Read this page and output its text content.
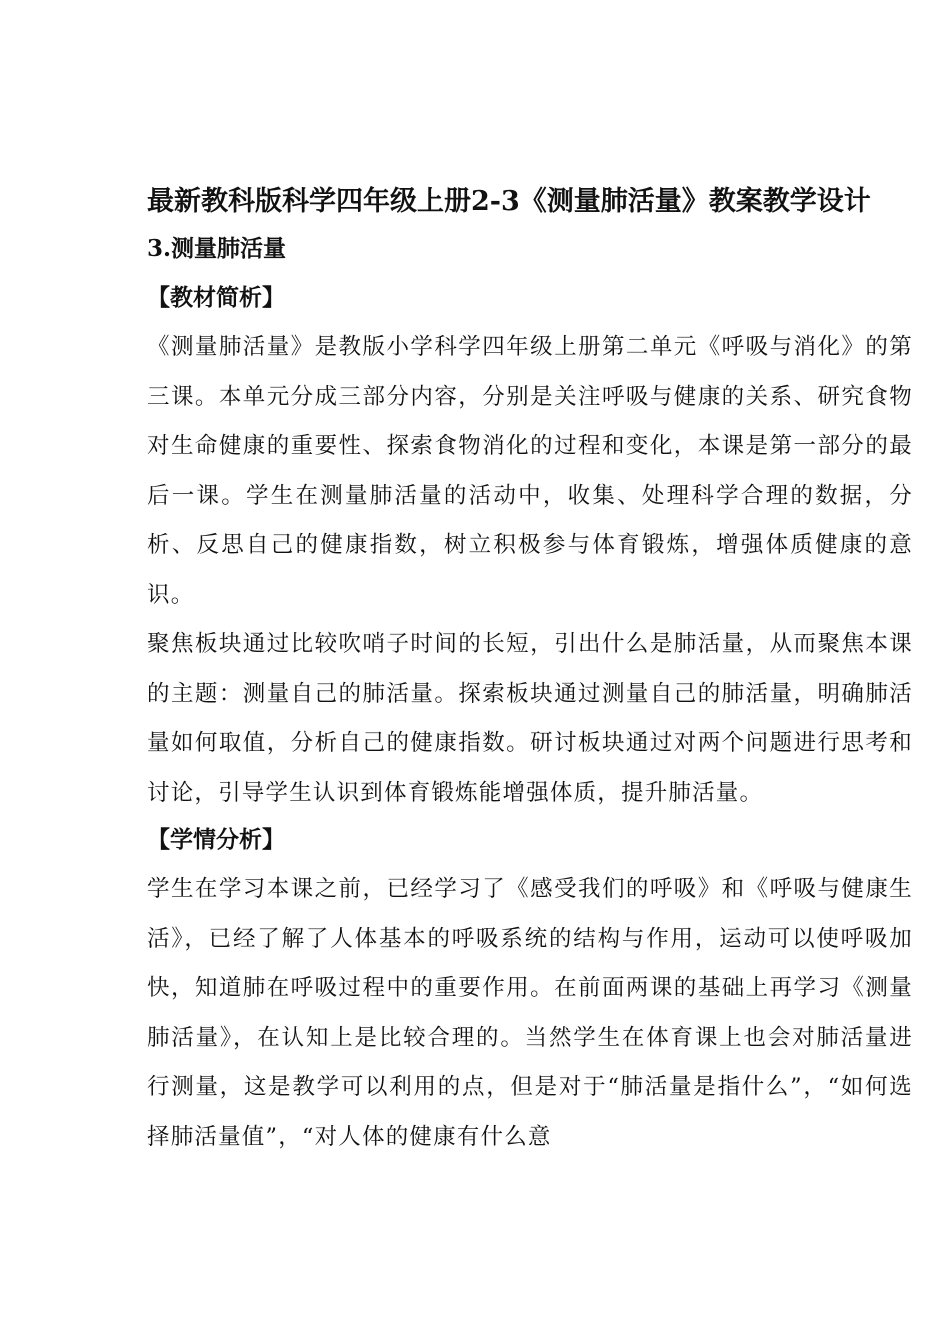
最新教科版科学四年级上册2-3《测量肺活量》教案教学设计
3.测量肺活量
【教材简析】

《测量肺活量》是教版小学科学四年级上册第二单元《呼吸与消化》的第三课。本单元分成三部分内容，分别是关注呼吸与健康的关系、研究食物对生命健康的重要性、探索食物消化的过程和变化，本课是第一部分的最后一课。学生在测量肺活量的活动中，收集、处理科学合理的数据，分析、反思自己的健康指数，树立积极参与体育锻炼，增强体质健康的意识。

聚焦板块通过比较吹哨子时间的长短，引出什么是肺活量，从而聚焦本课的主题：测量自己的肺活量。探索板块通过测量自己的肺活量，明确肺活量如何取值，分析自己的健康指数。研讨板块通过对两个问题进行思考和讨论，引导学生认识到体育锻炼能增强体质，提升肺活量。

【学情分析】

学生在学习本课之前，已经学习了《感受我们的呼吸》和《呼吸与健康生活》，已经了解了人体基本的呼吸系统的结构与作用，运动可以使呼吸加快，知道肺在呼吸过程中的重要作用。在前面两课的基础上再学习《测量肺活量》，在认知上是比较合理的。当然学生在体育课上也会对肺活量进行测量，这是教学可以利用的点，但是对于“肺活量是指什么”，“如何选择肺活量值”，“对人体的健康有什么意
